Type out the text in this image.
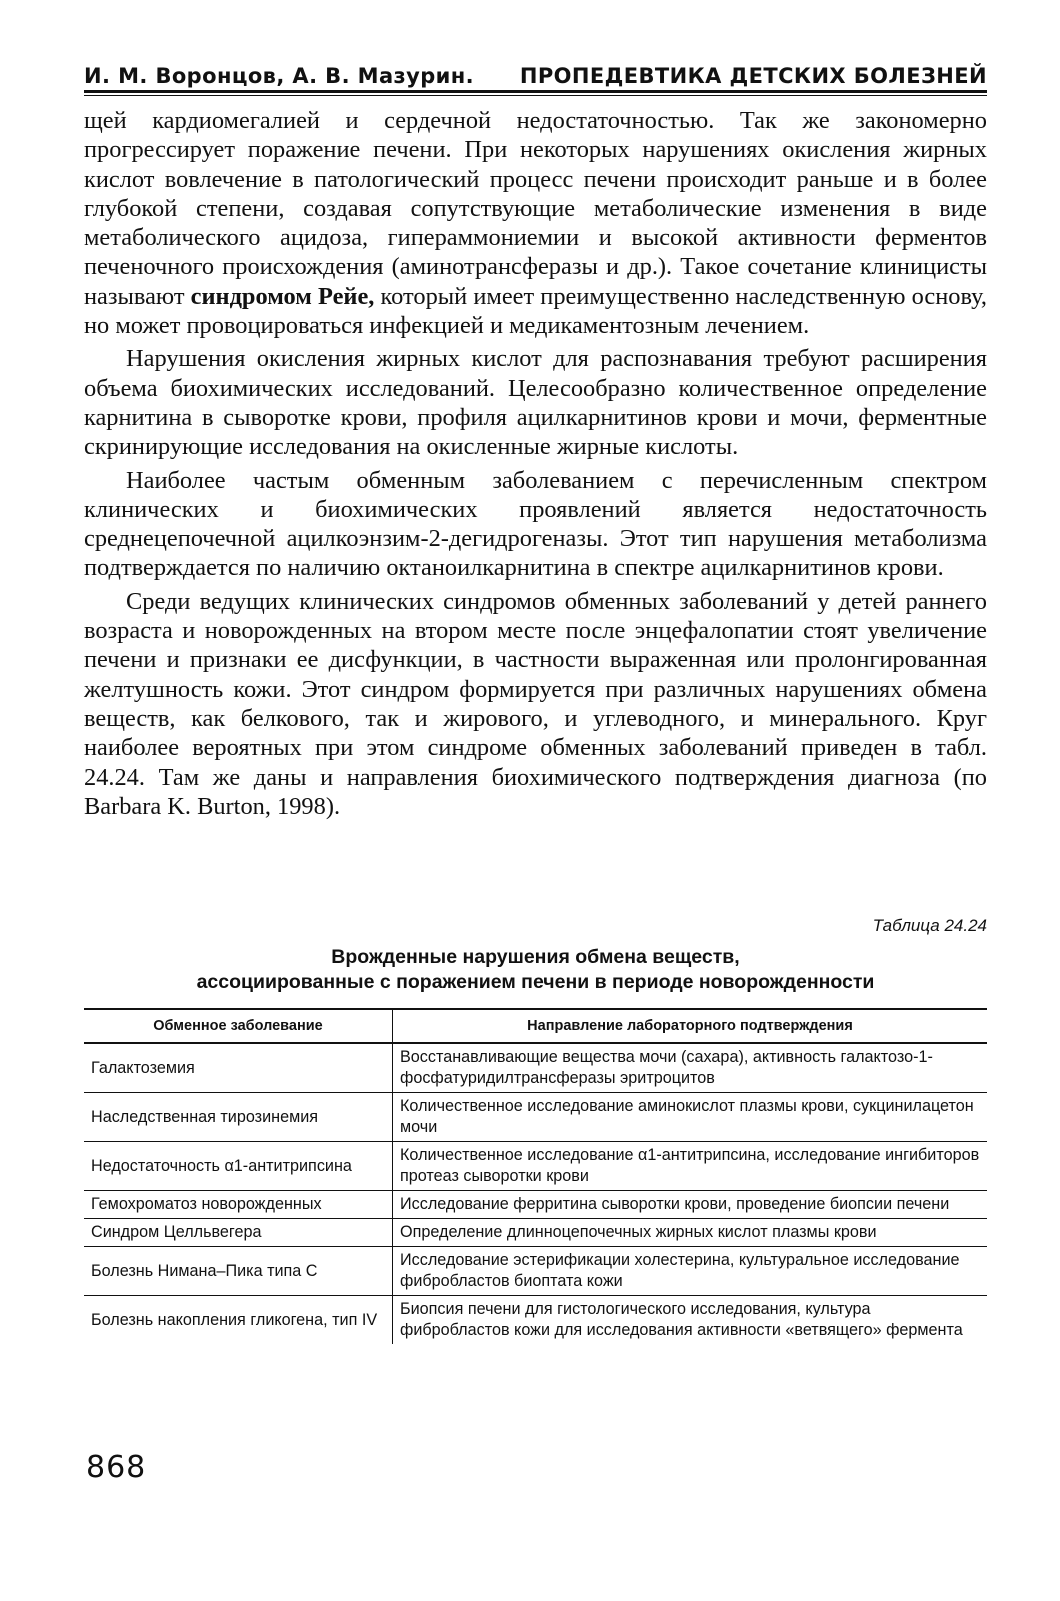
И. М. Воронцов, А. В. Мазурин. ПРОПЕДЕВТИКА ДЕТСКИХ БОЛЕЗНЕЙ

щей кардиомегалией и сердечной недостаточностью. Так же закономерно прогрессирует поражение печени. При некоторых нарушениях окисления жирных кислот вовлечение в патологический процесс печени происходит раньше и в более глубокой степени, создавая сопутствующие метаболические изменения в виде метаболического ацидоза, гипераммониемии и высокой активности ферментов печеночного происхождения (аминотрансферазы и др.). Такое сочетание клиницисты называют синдромом Рейе, который имеет преимущественно наследственную основу, но может провоцироваться инфекцией и медикаментозным лечением.

Нарушения окисления жирных кислот для распознавания требуют расширения объема биохимических исследований. Целесообразно количественное определение карнитина в сыворотке крови, профиля ацилкарнитинов крови и мочи, ферментные скринирующие исследования на окисленные жирные кислоты.

Наиболее частым обменным заболеванием с перечисленным спектром клинических и биохимических проявлений является недостаточность среднецепочечной ацилкоэнзим-2-дегидрогеназы. Этот тип нарушения метаболизма подтверждается по наличию октаноилкарнитина в спектре ацилкарнитинов крови.

Среди ведущих клинических синдромов обменных заболеваний у детей раннего возраста и новорожденных на втором месте после энцефалопатии стоят увеличение печени и признаки ее дисфункции, в частности выраженная или пролонгированная желтушность кожи. Этот синдром формируется при различных нарушениях обмена веществ, как белкового, так и жирового, и углеводного, и минерального. Круг наиболее вероятных при этом синдроме обменных заболеваний приведен в табл. 24.24. Там же даны и направления биохимического подтверждения диагноза (по Barbara K. Burton, 1998).

Таблица 24.24
Врожденные нарушения обмена веществ,
ассоциированные с поражением печени в периоде новорожденности
Обменное заболевание	Направление лабораторного подтверждения
Галактоземия	Восстанавливающие вещества мочи (сахара), активность галактозо-1-фосфатуридилтрансферазы эритроцитов
Наследственная тирозинемия	Количественное исследование аминокислот плазмы крови, сукцинилацетон мочи
Недостаточность α1-антитрипсина	Количественное исследование α1-антитрипсина, исследование ингибиторов протеаз сыворотки крови
Гемохроматоз новорожденных	Исследование ферритина сыворотки крови, проведение биопсии печени
Синдром Целльвегера	Определение длинноцепочечных жирных кислот плазмы крови
Болезнь Нимана–Пика типа С	Исследование эстерификации холестерина, культуральное исследование фибробластов биоптата кожи
Болезнь накопления гликогена, тип IV	Биопсия печени для гистологического исследования, культура фибробластов кожи для исследования активности «ветвящего» фермента
868
